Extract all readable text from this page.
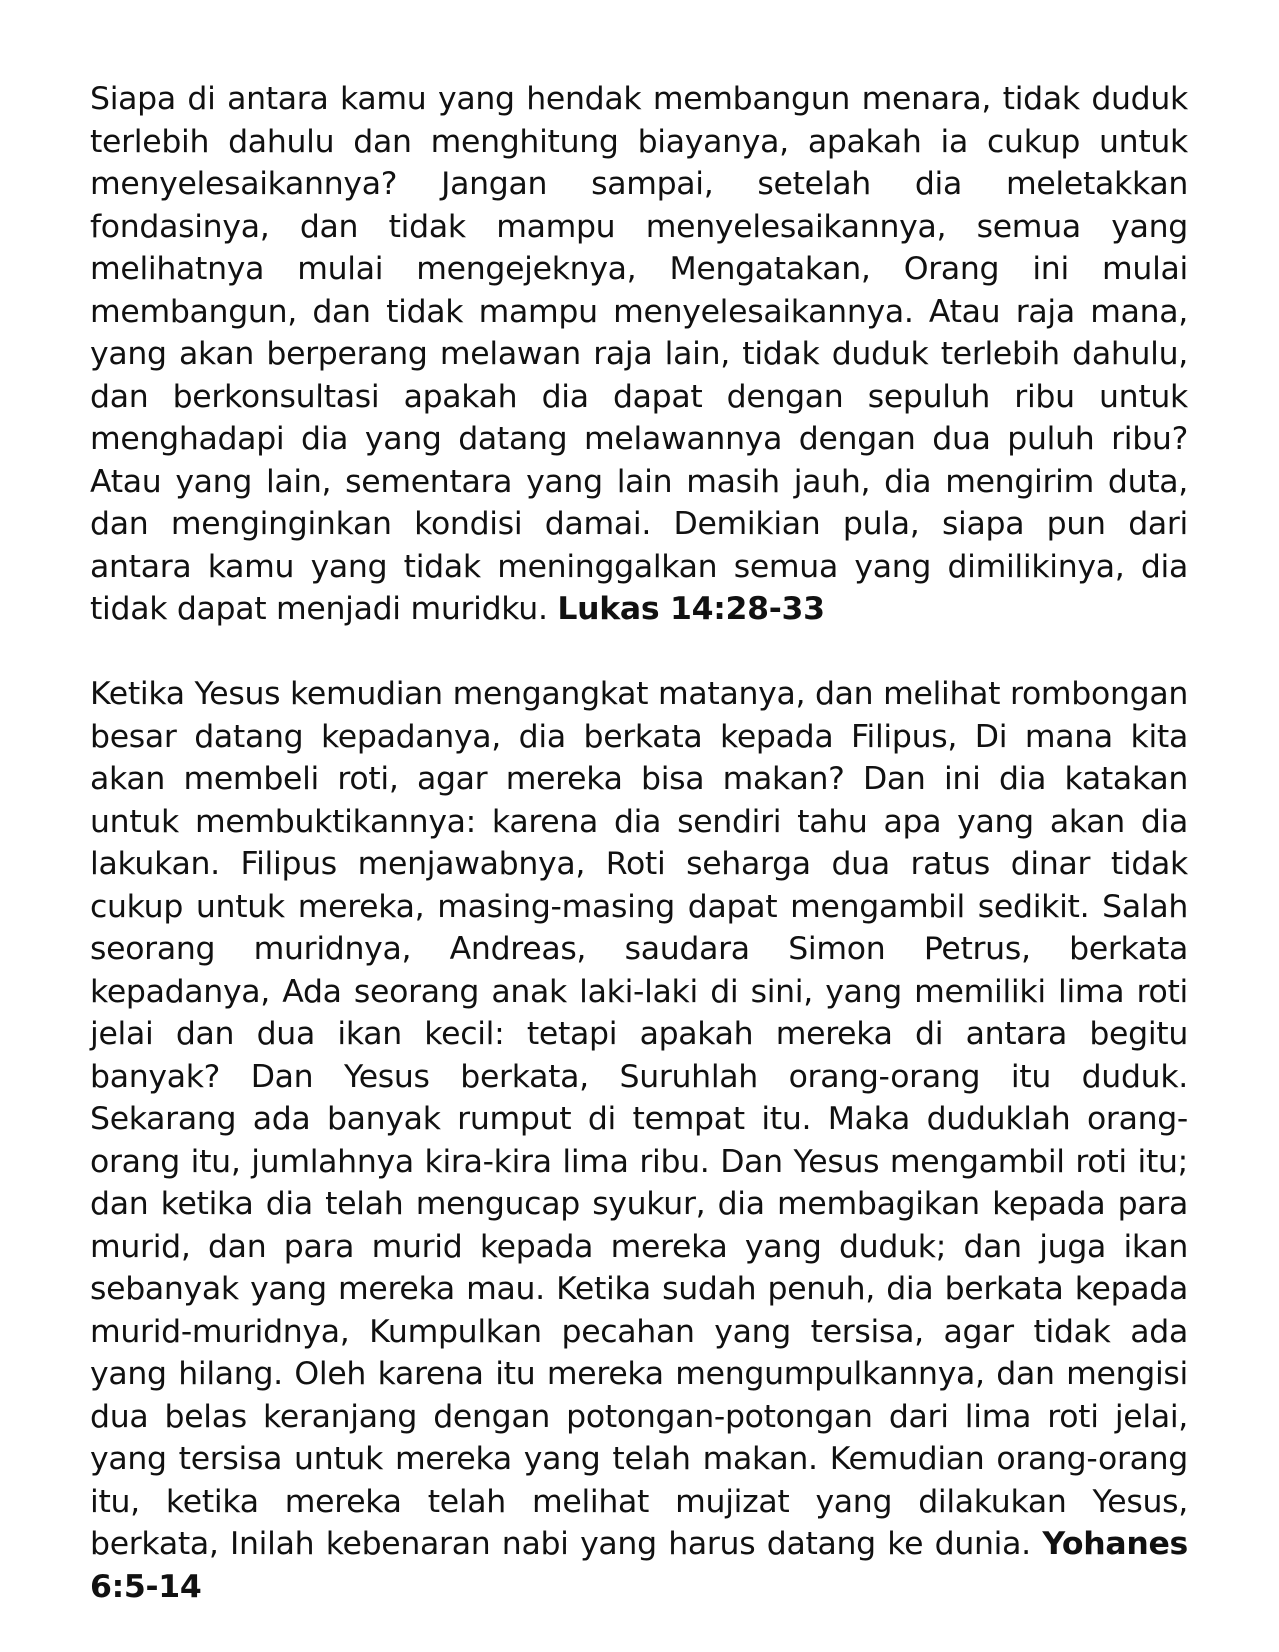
Siapa di antara kamu yang hendak membangun menara, tidak duduk terlebih dahulu dan menghitung biayanya, apakah ia cukup untuk menyelesaikannya? Jangan sampai, setelah dia meletakkan fondasinya, dan tidak mampu menyelesaikannya, semua yang melihatnya mulai mengejeknya, Mengatakan, Orang ini mulai membangun, dan tidak mampu menyelesaikannya. Atau raja mana, yang akan berperang melawan raja lain, tidak duduk terlebih dahulu, dan berkonsultasi apakah dia dapat dengan sepuluh ribu untuk menghadapi dia yang datang melawannya dengan dua puluh ribu? Atau yang lain, sementara yang lain masih jauh, dia mengirim duta, dan menginginkan kondisi damai. Demikian pula, siapa pun dari antara kamu yang tidak meninggalkan semua yang dimilikinya, dia tidak dapat menjadi muridku. Lukas 14:28-33

Ketika Yesus kemudian mengangkat matanya, dan melihat rombongan besar datang kepadanya, dia berkata kepada Filipus, Di mana kita akan membeli roti, agar mereka bisa makan? Dan ini dia katakan untuk membuktikannya: karena dia sendiri tahu apa yang akan dia lakukan. Filipus menjawabnya, Roti seharga dua ratus dinar tidak cukup untuk mereka, masing-masing dapat mengambil sedikit. Salah seorang muridnya, Andreas, saudara Simon Petrus, berkata kepadanya, Ada seorang anak laki-laki di sini, yang memiliki lima roti jelai dan dua ikan kecil: tetapi apakah mereka di antara begitu banyak? Dan Yesus berkata, Suruhlah orang-orang itu duduk. Sekarang ada banyak rumput di tempat itu. Maka duduklah orang-orang itu, jumlahnya kira-kira lima ribu. Dan Yesus mengambil roti itu; dan ketika dia telah mengucap syukur, dia membagikan kepada para murid, dan para murid kepada mereka yang duduk; dan juga ikan sebanyak yang mereka mau. Ketika sudah penuh, dia berkata kepada murid-muridnya, Kumpulkan pecahan yang tersisa, agar tidak ada yang hilang. Oleh karena itu mereka mengumpulkannya, dan mengisi dua belas keranjang dengan potongan-potongan dari lima roti jelai, yang tersisa untuk mereka yang telah makan. Kemudian orang-orang itu, ketika mereka telah melihat mujizat yang dilakukan Yesus, berkata, Inilah kebenaran nabi yang harus datang ke dunia. Yohanes 6:5-14
